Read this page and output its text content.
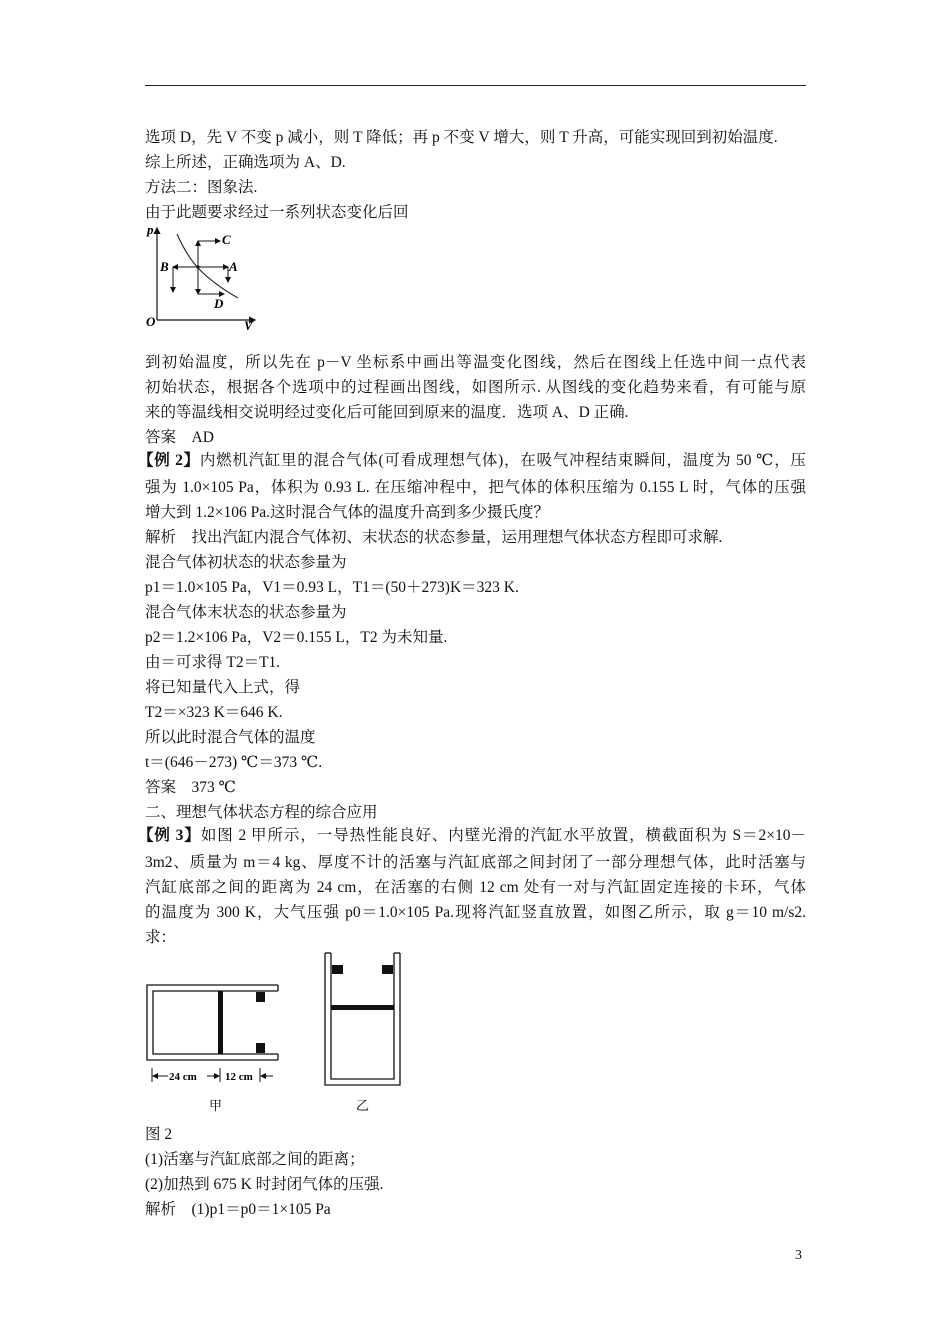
选项 D，先 V 不变 p 减小，则 T 降低；再 p 不变 V 增大，则 T 升高，可能实现回到初始温度.
综上所述，正确选项为 A、D.
方法二：图象法.
由于此题要求经过一系列状态变化后回
p
V
O
C
A
B
D
到初始温度，所以先在 p－V 坐标系中画出等温变化图线，然后在图线上任选中间一点代表
初始状态，根据各个选项中的过程画出图线，如图所示. 从图线的变化趋势来看，有可能与原
来的等温线相交说明经过变化后可能回到原来的温度．选项 A、D 正确.
答案　AD
【例 2】内燃机汽缸里的混合气体(可看成理想气体)，在吸气冲程结束瞬间，温度为 50 ℃，压
强为 1.0×105 Pa，体积为 0.93 L. 在压缩冲程中，把气体的体积压缩为 0.155 L 时，气体的压强
增大到 1.2×106 Pa.这时混合气体的温度升高到多少摄氏度？
解析　找出汽缸内混合气体初、末状态的状态参量，运用理想气体状态方程即可求解.
混合气体初状态的状态参量为
p1＝1.0×105 Pa，V1＝0.93 L，T1＝(50＋273)K＝323 K.
混合气体末状态的状态参量为
p2＝1.2×106 Pa，V2＝0.155 L，T2 为未知量.
由＝可求得 T2＝T1.
将已知量代入上式，得
T2＝×323 K＝646 K.
所以此时混合气体的温度
t＝(646－273) ℃＝373 ℃.
答案　373 ℃
二、理想气体状态方程的综合应用
【例 3】如图 2 甲所示，一导热性能良好、内壁光滑的汽缸水平放置，横截面积为 S＝2×10－
3m2、质量为 m＝4 kg、厚度不计的活塞与汽缸底部之间封闭了一部分理想气体，此时活塞与
汽缸底部之间的距离为 24 cm，在活塞的右侧 12 cm 处有一对与汽缸固定连接的卡环，气体
的温度为 300 K，大气压强 p0＝1.0×105 Pa.现将汽缸竖直放置，如图乙所示，取 g＝10 m/s2.
求：
24 cm	12 cm
甲	乙
图 2
(1)活塞与汽缸底部之间的距离；
(2)加热到 675 K 时封闭气体的压强.
解析　(1)p1＝p0＝1×105 Pa
3
